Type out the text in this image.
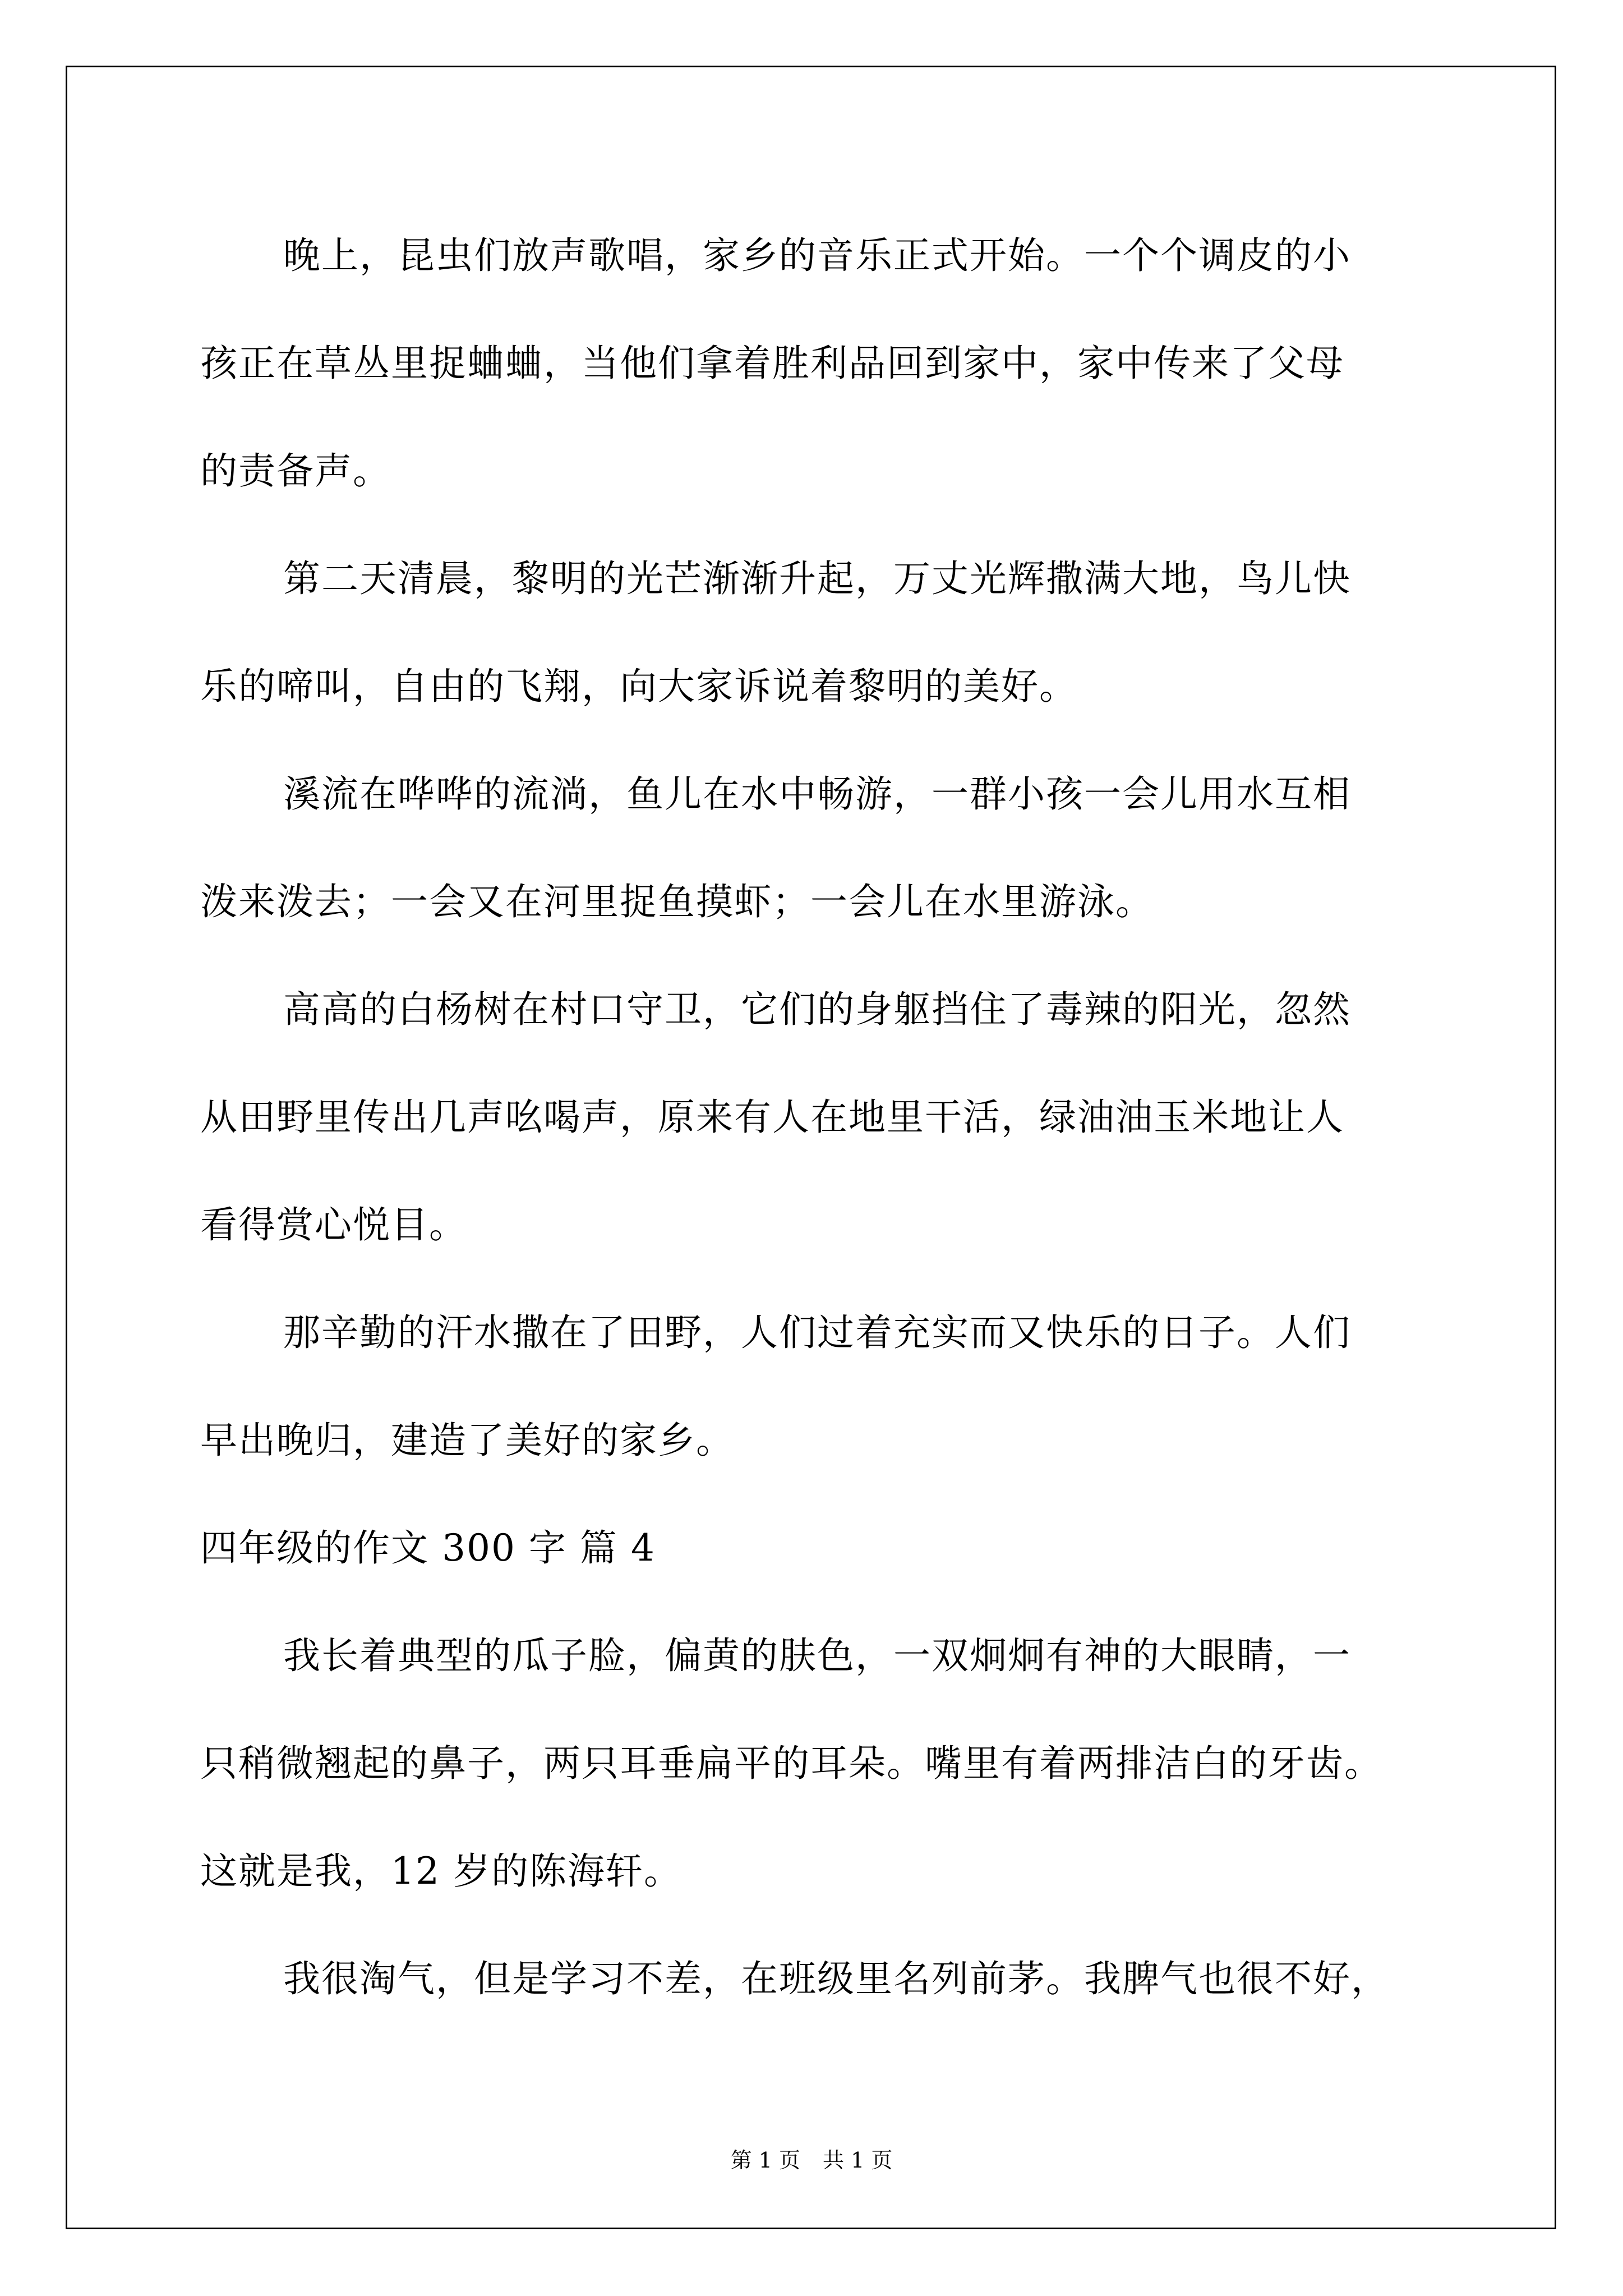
晚上，昆虫们放声歌唱，家乡的音乐正式开始。一个个调皮的小
孩正在草丛里捉蛐蛐，当他们拿着胜利品回到家中，家中传来了父母
的责备声。
第二天清晨，黎明的光芒渐渐升起，万丈光辉撒满大地，鸟儿快
乐的啼叫，自由的飞翔，向大家诉说着黎明的美好。
溪流在哗哗的流淌，鱼儿在水中畅游，一群小孩一会儿用水互相
泼来泼去；一会又在河里捉鱼摸虾；一会儿在水里游泳。
高高的白杨树在村口守卫，它们的身躯挡住了毒辣的阳光，忽然
从田野里传出几声吆喝声，原来有人在地里干活，绿油油玉米地让人
看得赏心悦目。
那辛勤的汗水撒在了田野，人们过着充实而又快乐的日子。人们
早出晚归，建造了美好的家乡。
四年级的作文 300 字 篇 4
我长着典型的瓜子脸，偏黄的肤色，一双炯炯有神的大眼睛，一
只稍微翘起的鼻子，两只耳垂扁平的耳朵。嘴里有着两排洁白的牙齿。
这就是我，12 岁的陈海轩。
我很淘气，但是学习不差，在班级里名列前茅。我脾气也很不好，
第 1 页 共 1 页
